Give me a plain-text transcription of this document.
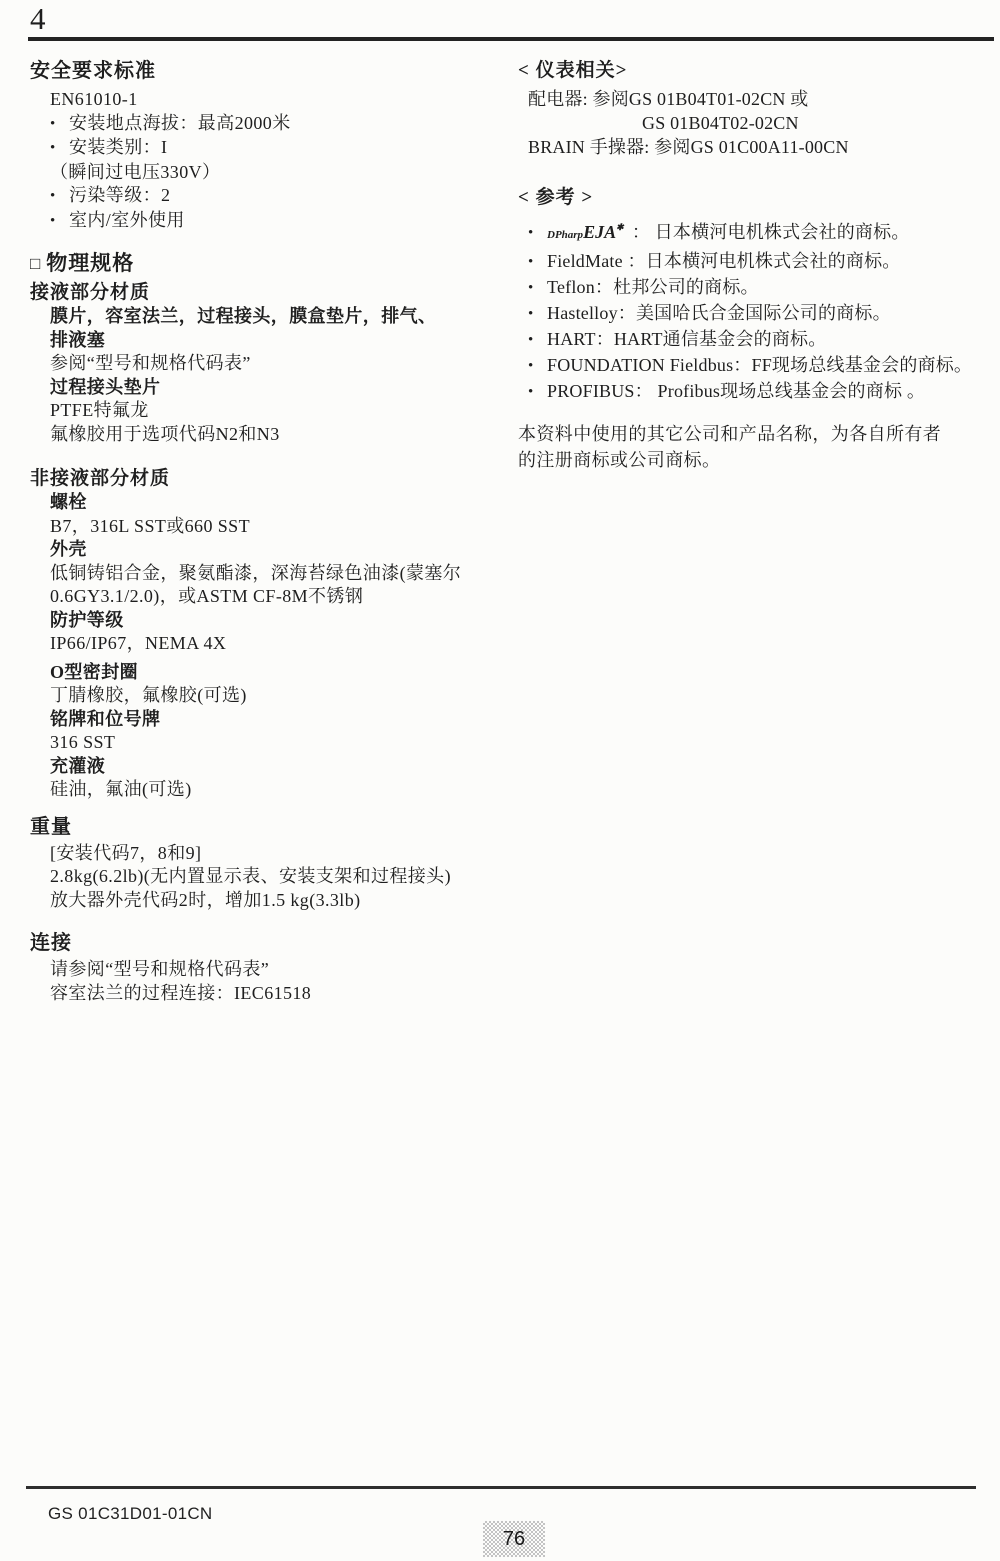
4
安全要求标准
EN61010-1
• 安装地点海拔：最高2000米
• 安装类别：I
（瞬间过电压330V）
• 污染等级：2
• 室内/室外使用
□ 物理规格
接液部分材质
膜片，容室法兰，过程接头，膜盒垫片，排气、
排液塞
参阅“型号和规格代码表”
过程接头垫片
PTFE特氟龙
氟橡胶用于选项代码N2和N3
非接液部分材质
螺栓
B7，316L SST或660 SST
外壳
低铜铸铝合金，聚氨酯漆，深海苔绿色油漆(蒙塞尔
0.6GY3.1/2.0)，或ASTM CF-8M不锈钢
防护等级
IP66/IP67，NEMA 4X
O型密封圈
丁腈橡胶，氟橡胶(可选)
铭牌和位号牌
316 SST
充灌液
硅油，氟油(可选)
重量
[安装代码7，8和9]
2.8kg(6.2lb)(无内置显示表、安装支架和过程接头)
放大器外壳代码2时，增加1.5 kg(3.3lb)
连接
请参阅“型号和规格代码表”
容室法兰的过程连接：IEC61518
< 仪表相关>
配电器: 参阅GS 01B04T01-02CN 或
GS 01B04T02-02CN
BRAIN 手操器: 参阅GS 01C00A11-00CN
< 参考 >
• DPharpEJA✱ ： 日本横河电机株式会社的商标。
• FieldMate ：日本横河电机株式会社的商标。
• Teflon：杜邦公司的商标。
• Hastelloy：美国哈氏合金国际公司的商标。
• HART：HART通信基金会的商标。
• FOUNDATION Fieldbus：FF现场总线基金会的商标。
• PROFIBUS： Profibus现场总线基金会的商标 。
本资料中使用的其它公司和产品名称，为各自所有者
的注册商标或公司商标。
GS 01C31D01-01CN
76
